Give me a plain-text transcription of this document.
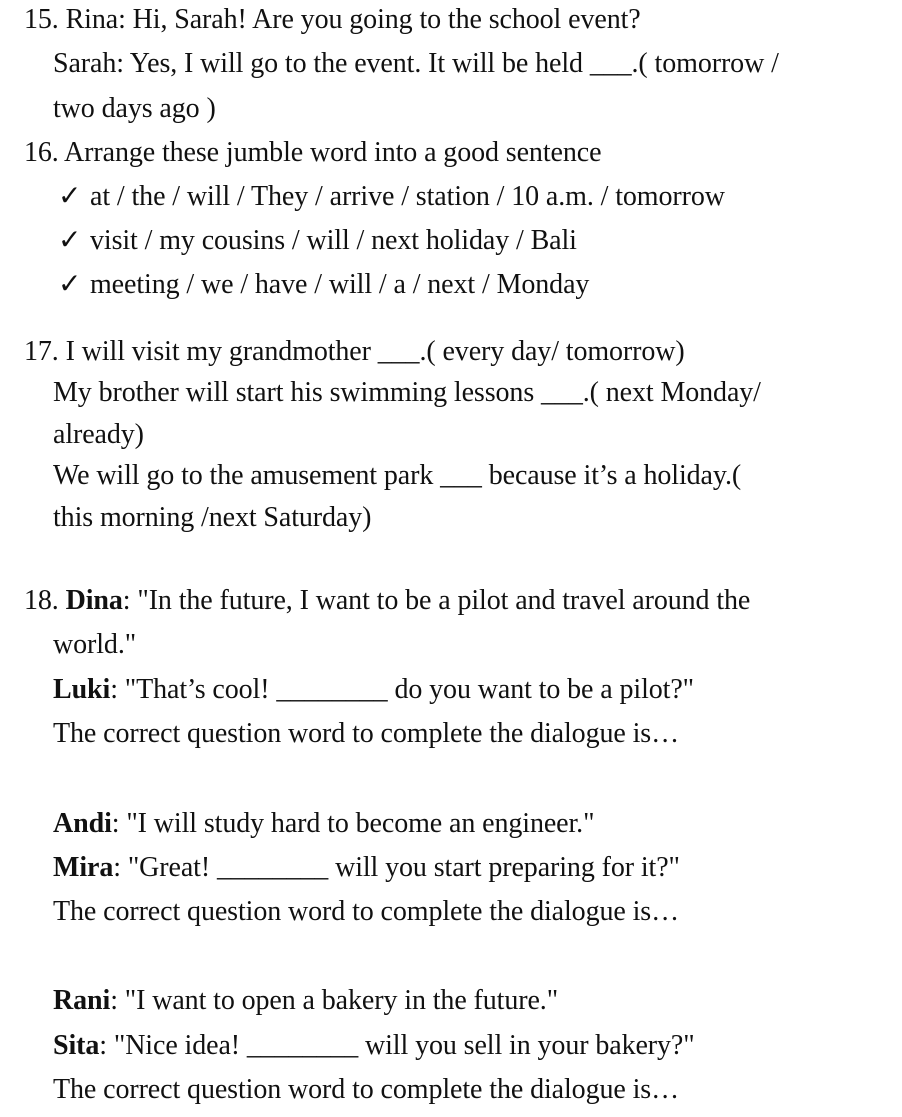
15. Rina: Hi, Sarah! Are you going to the school event?
Sarah: Yes, I will go to the event. It will be held ___.( tomorrow /
two days ago )
16. Arrange these jumble word into a good sentence
✓ at / the / will / They / arrive / station / 10 a.m. / tomorrow
✓ visit / my cousins / will / next holiday / Bali
✓ meeting / we / have / will / a / next / Monday
17. I will visit my grandmother ___.( every day/ tomorrow)
My brother will start his swimming lessons ___.( next Monday/
already)
We will go to the amusement park ___ because it’s a holiday.(
this morning /next Saturday)
18. Dina: "In the future, I want to be a pilot and travel around the
world."
Luki: "That’s cool! ________ do you want to be a pilot?"
The correct question word to complete the dialogue is…
Andi: "I will study hard to become an engineer."
Mira: "Great! ________ will you start preparing for it?"
The correct question word to complete the dialogue is…
Rani: "I want to open a bakery in the future."
Sita: "Nice idea! ________ will you sell in your bakery?"
The correct question word to complete the dialogue is…
